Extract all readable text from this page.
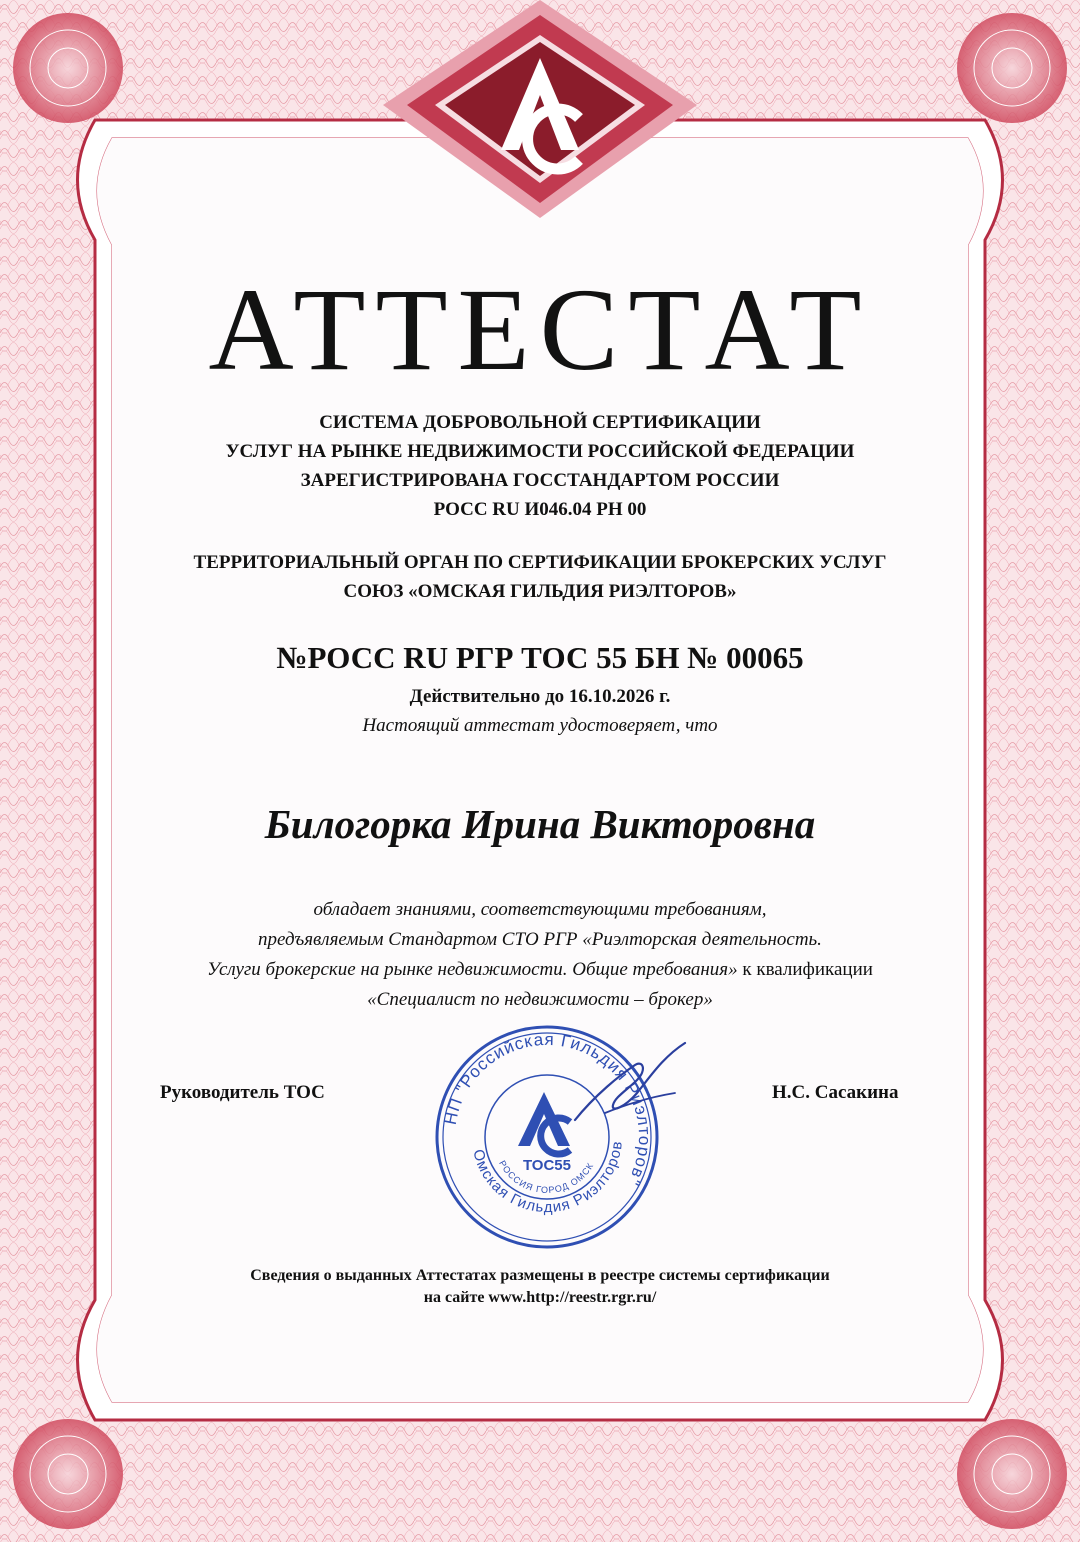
АТТЕСТАТ
СИСТЕМА ДОБРОВОЛЬНОЙ СЕРТИФИКАЦИИ
УСЛУГ НА РЫНКЕ НЕДВИЖИМОСТИ РОССИЙСКОЙ ФЕДЕРАЦИИ
ЗАРЕГИСТРИРОВАНА ГОССТАНДАРТОМ РОССИИ
РОСС RU И046.04 РН 00
ТЕРРИТОРИАЛЬНЫЙ ОРГАН ПО СЕРТИФИКАЦИИ БРОКЕРСКИХ УСЛУГ
СОЮЗ «ОМСКАЯ ГИЛЬДИЯ РИЭЛТОРОВ»
№РОСС RU РГР ТОС 55 БН № 00065
Действительно до 16.10.2026 г.
Настоящий аттестат удостоверяет, что
Билогорка Ирина Викторовна
обладает знаниями, соответствующими требованиям,
предъявляемым Стандартом СТО РГР «Риэлторская деятельность.
Услуги брокерские на рынке недвижимости. Общие требования» к квалификации
«Специалист по недвижимости – брокер»
Руководитель ТОС	Н.С. Сасакина
Сведения о выданных Аттестатах размещены в реестре системы сертификации
на сайте www.http://reestr.rgr.ru/
НП "Российская Гильдия Риэлторов"
Омская Гильдия Риэлторов
РОССИЯ ГОРОД ОМСК
ТОС55
